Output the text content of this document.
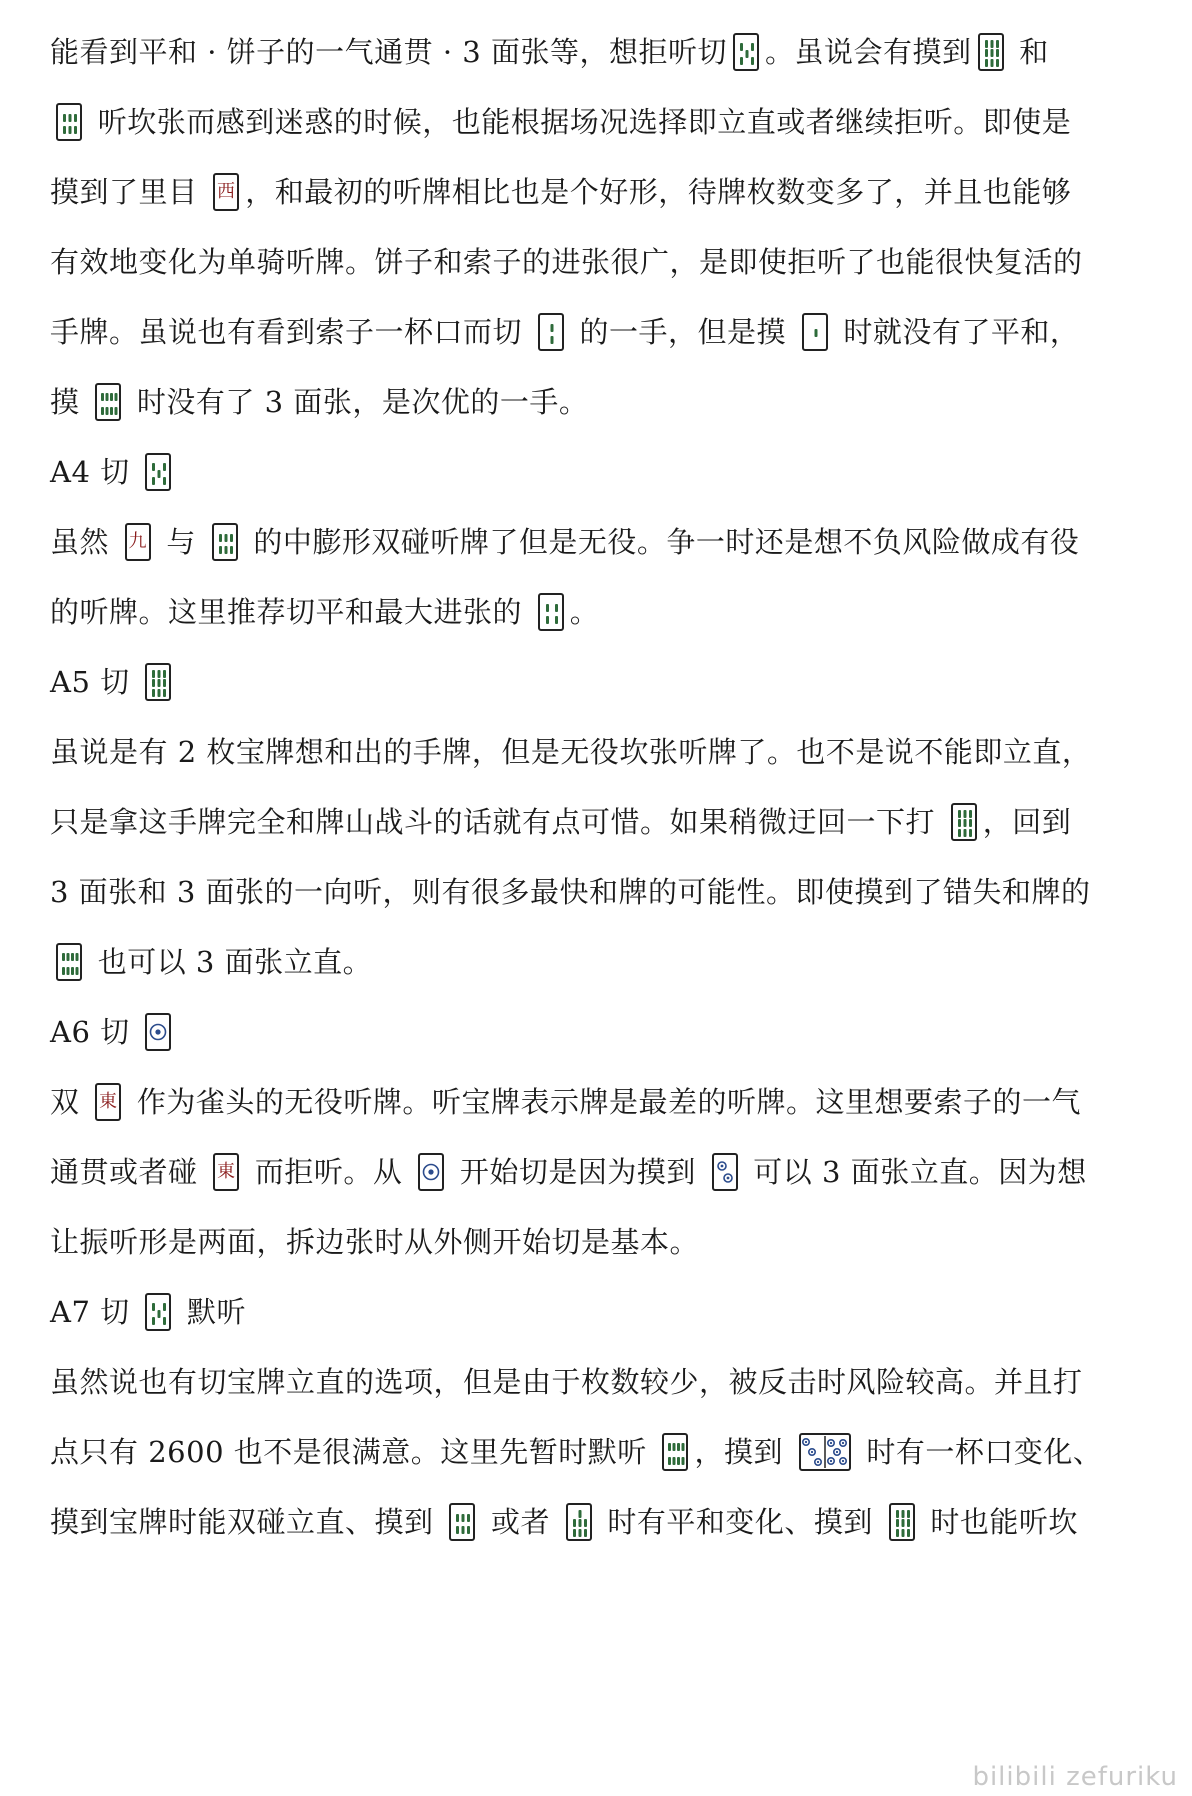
能看到平和 · 饼子的一气通贯 · 3 面张等，想拒听切 。虽说会有摸到
和
听坎张而感到迷惑的时候，也能根据场况选择即立直或者继续拒听。即使是
摸到了里目 西 ，和最初的听牌相比也是个好形，待牌枚数变多了，并且也能够
有效地变化为单骑听牌。饼子和索子的进张很广，是即使拒听了也能很快复活的
手牌。虽说也有看到索子一杯口而切
的一手，但是摸
时就没有了平和，
摸
时没有了 3 面张，是次优的一手。
A4 切
虽然 九 与
的中膨形双碰听牌了但是无役。争一时还是想不负风险做成有役
的听牌。这里推荐切平和最大进张的
。
A5 切
虽说是有 2 枚宝牌想和出的手牌，但是无役坎张听牌了。也不是说不能即立直，
只是拿这手牌完全和牌山战斗的话就有点可惜。如果稍微迂回一下打
，回到
3 面张和 3 面张的一向听，则有很多最快和牌的可能性。即使摸到了错失和牌的
也可以 3 面张立直。
A6 切
双 東 作为雀头的无役听牌。听宝牌表示牌是最差的听牌。这里想要索子的一气
通贯或者碰 東 而拒听。从
开始切是因为摸到
可以 3 面张立直。因为想
让振听形是两面，拆边张时从外侧开始切是基本。
A7 切
默听
虽然说也有切宝牌立直的选项，但是由于枚数较少，被反击时风险较高。并且打
点只有 2600 也不是很满意。这里先暂时默听
，摸到
时有一杯口变化、
摸到宝牌时能双碰立直、摸到
或者
时有平和变化、摸到
时也能听坎
bilibili zefuriku
